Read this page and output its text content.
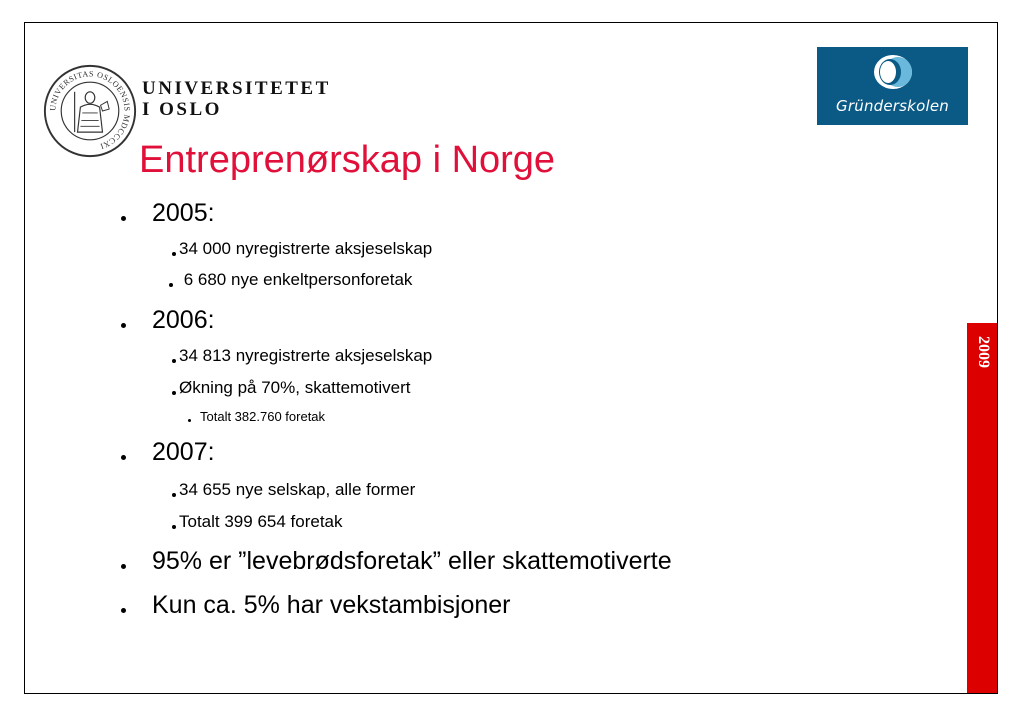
UNIVERSITAS OSLOENSIS MDCCCXI
UNIVERSITETET
I OSLO	Gründerskolen
Entreprenørskap i Norge
2005:
34 000 nyregistrerte aksjeselskap
6 680 nye enkeltpersonforetak
2006:
34 813 nyregistrerte aksjeselskap
Økning på 70%, skattemotivert
Totalt 382.760 foretak
2007:
34 655 nye selskap, alle former
Totalt 399 654 foretak
95% er ”levebrødsforetak” eller skattemotiverte
Kun ca. 5% har vekstambisjoner
2009
